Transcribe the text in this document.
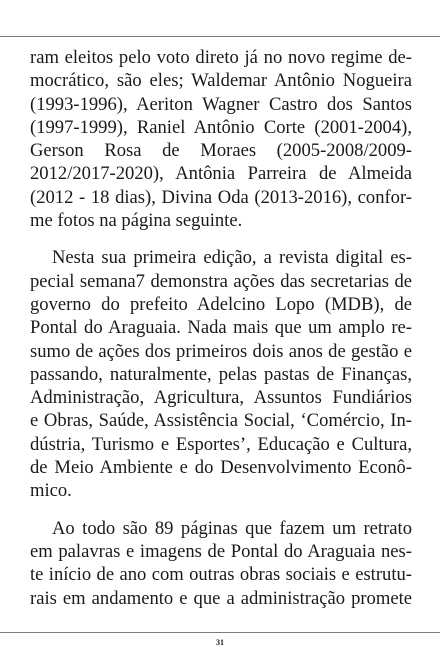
ram eleitos pelo voto direto já no novo regime de-
mocrático, são eles; Waldemar Antônio Nogueira
(1993-1996), Aeriton Wagner Castro dos Santos
(1997-1999), Raniel Antônio Corte (2001-2004),
Gerson Rosa de Moraes (2005-2008/2009-
2012/2017-2020), Antônia Parreira de Almeida
(2012 - 18 dias), Divina Oda (2013-2016), confor-
me fotos na página seguinte.

Nesta sua primeira edição, a revista digital es-
pecial semana7 demonstra ações das secretarias de
governo do prefeito Adelcino Lopo (MDB), de
Pontal do Araguaia. Nada mais que um amplo re-
sumo de ações dos primeiros dois anos de gestão e
passando, naturalmente, pelas pastas de Finanças,
Administração, Agricultura, Assuntos Fundiários
e Obras, Saúde, Assistência Social, ‘Comércio, In-
dústria, Turismo e Esportes’, Educação e Cultura,
de Meio Ambiente e do Desenvolvimento Econô-
mico.

Ao todo são 89 páginas que fazem um retrato
em palavras e imagens de Pontal do Araguaia nes-
te início de ano com outras obras sociais e estrutu-
rais em andamento e que a administração promete

31
